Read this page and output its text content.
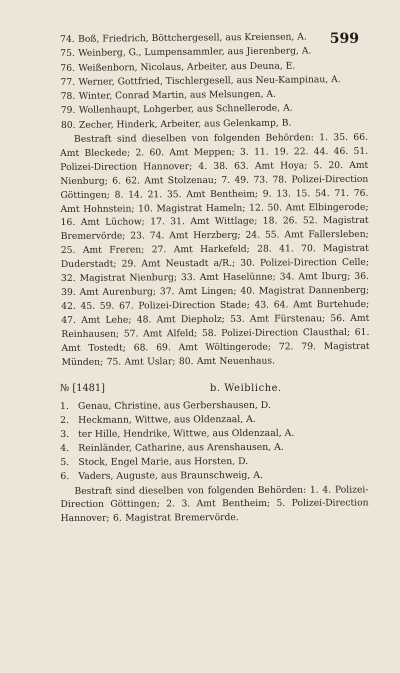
599
74. Boß, Friedrich, Böttchergesell, aus Kreiensen, A.
75. Weinberg, G., Lumpensammler, aus Jierenberg, A.
76. Weißenborn, Nicolaus, Arbeiter, aus Deuna, E.
77. Werner, Gottfried, Tischlergesell, aus Neu-Kampinau, A.
78. Winter, Conrad Martin, aus Melsungen, A.
79. Wollenhaupt, Lohgerber, aus Schnellerode, A.
80. Zecher, Hinderk, Arbeiter, aus Gelenkamp, B.

Bestraft sind dieselben von folgenden Behörden: 1. 35. 66. Amt Bleckede; 2. 60. Amt Meppen; 3. 11. 19. 22. 44. 46. 51. Polizei-Direction Hannover; 4. 38. 63. Amt Hoya; 5. 20. Amt Nienburg; 6. 62. Amt Stolzenau; 7. 49. 73. 78. Polizei-Direction Göttingen; 8. 14. 21. 35. Amt Bentheim; 9. 13. 15. 54. 71. 76. Amt Hohnstein; 10. Magistrat Hameln; 12. 50. Amt Elbingerode; 16. Amt Lüchow; 17. 31. Amt Wittlage; 18. 26. 52. Magistrat Bremervörde; 23. 74. Amt Herzberg; 24. 55. Amt Fallersleben; 25. Amt Freren; 27. Amt Harkefeld; 28. 41. 70. Magistrat Duderstadt; 29. Amt Neustadt a/R.; 30. Polizei-Direction Celle; 32. Magistrat Nienburg; 33. Amt Haselünne; 34. Amt Iburg; 36. 39. Amt Aurenburg; 37. Amt Lingen; 40. Magistrat Dannenberg; 42. 45. 59. 67. Polizei-Direction Stade; 43. 64. Amt Burtehude; 47. Amt Lehe; 48. Amt Diepholz; 53. Amt Fürstenau; 56. Amt Reinhausen; 57. Amt Alfeld; 58. Polizei-Direction Clausthal; 61. Amt Tostedt; 68. 69. Amt Wöltingerode; 72. 79. Magistrat Münden; 75. Amt Uslar; 80. Amt Neuenhaus.

№ [1481]	b. Weibliche.
1. Genau, Christine, aus Gerbershausen, D.
2. Heckmann, Wittwe, aus Oldenzaal, A.
3. ter Hille, Hendrike, Wittwe, aus Oldenzaal, A.
4. Reinländer, Catharine, aus Arenshausen, A.
5. Stock, Engel Marie, aus Horsten, D.
6. Vaders, Auguste, aus Braunschweig, A.

Bestraft sind dieselben von folgenden Behörden: 1. 4. Polizei-Direction Göttingen; 2. 3. Amt Bentheim; 5. Polizei-Direction Hannover; 6. Magistrat Bremervörde.
